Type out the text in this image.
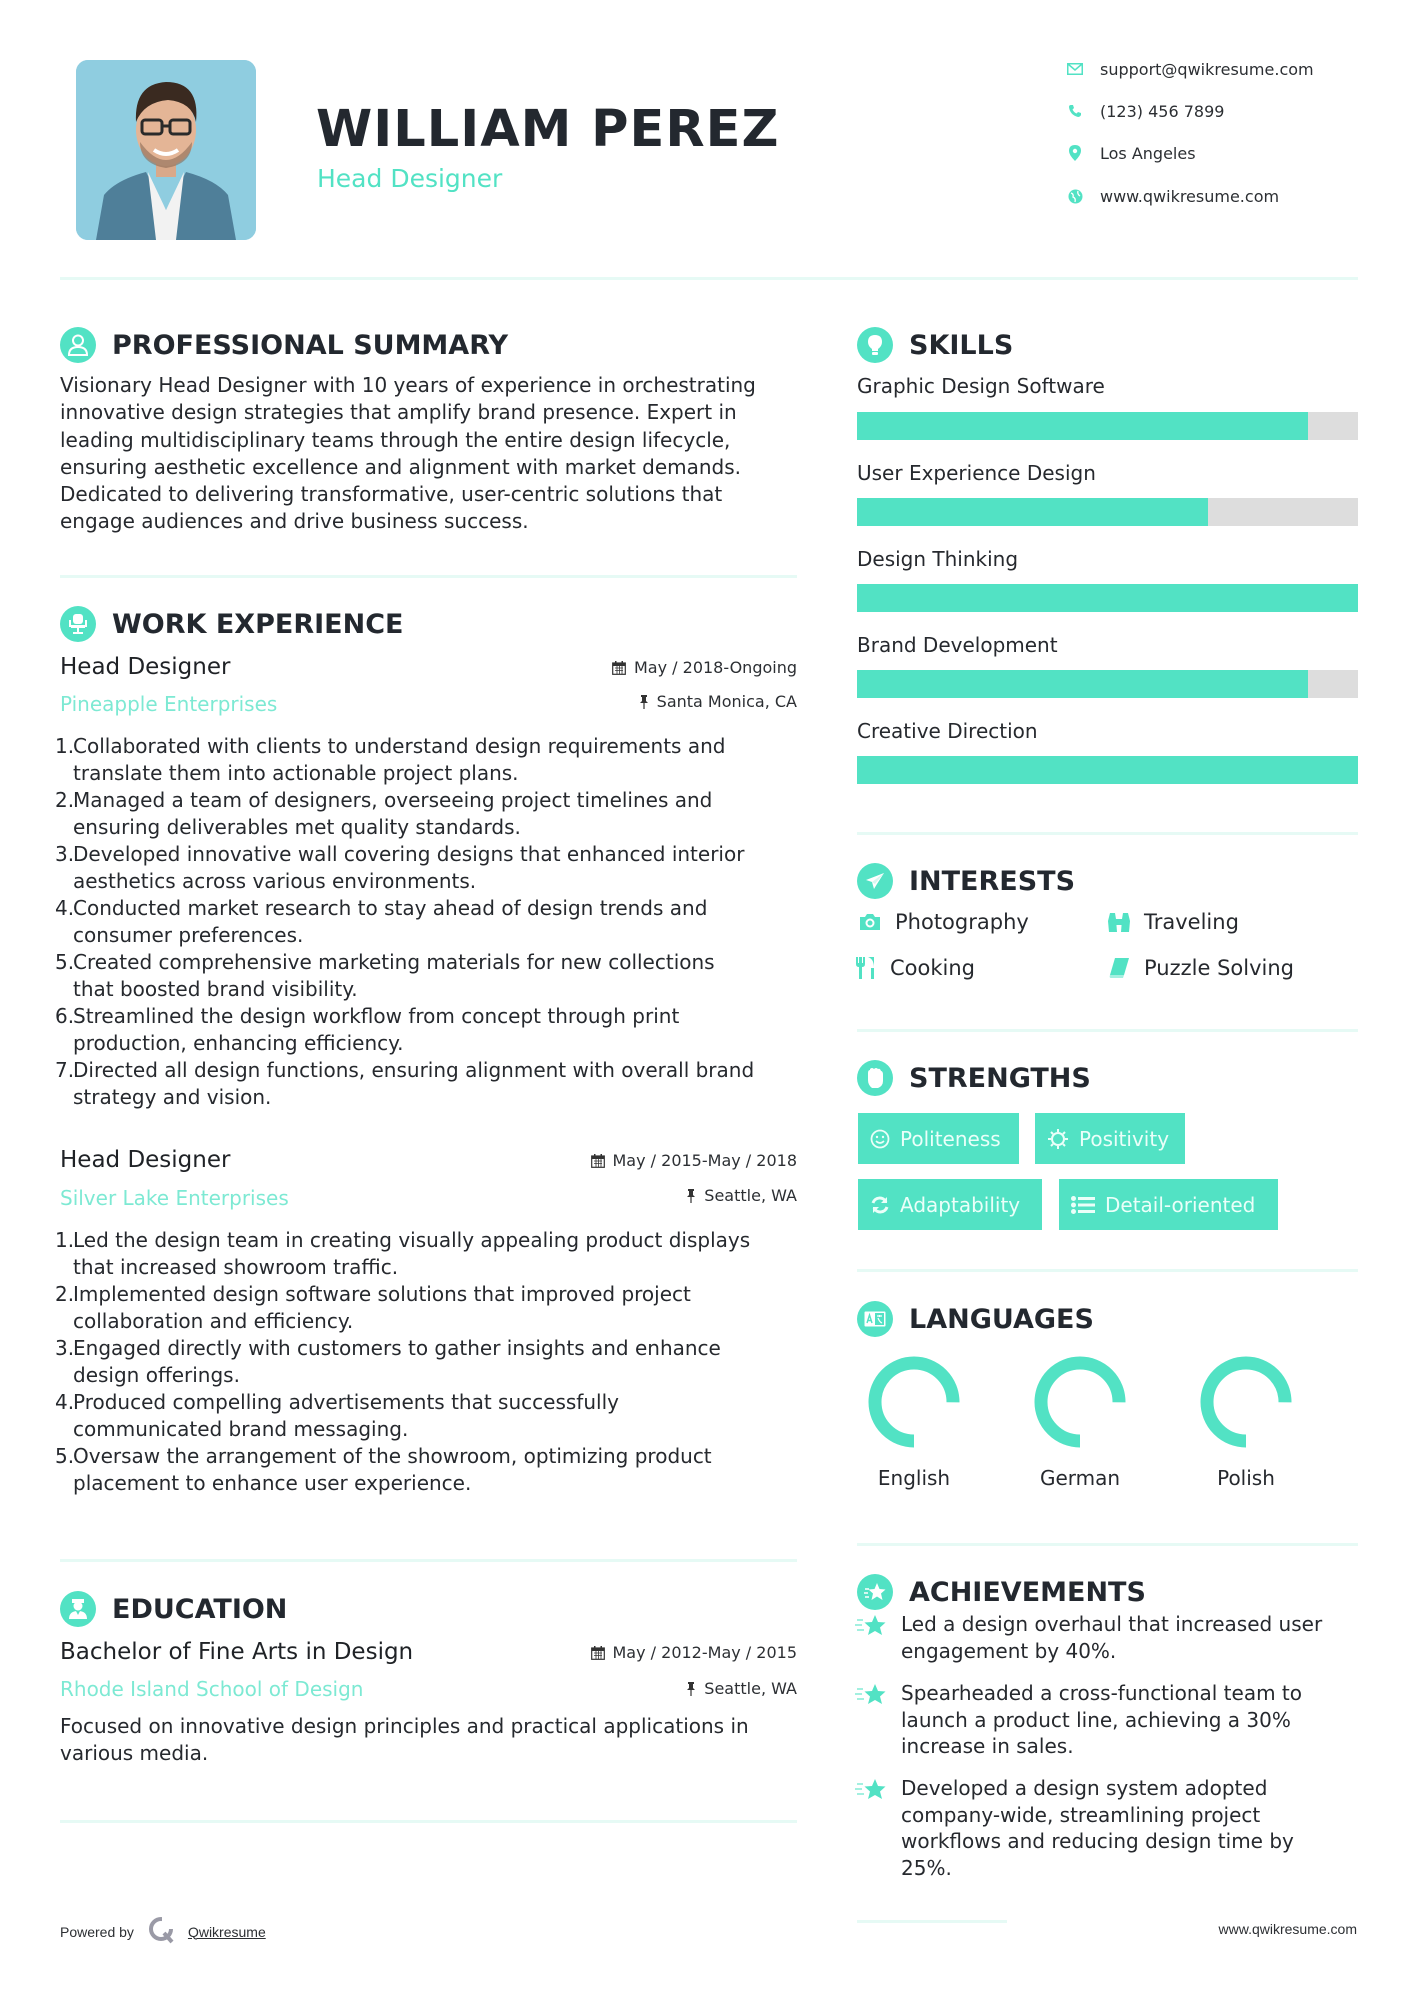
WILLIAM PEREZ
Head Designer
support@qwikresume.com
(123) 456 7899
Los Angeles
www.qwikresume.com
PROFESSIONAL SUMMARY
Visionary Head Designer with 10 years of experience in orchestrating
innovative design strategies that amplify brand presence. Expert in
leading multidisciplinary teams through the entire design lifecycle,
ensuring aesthetic excellence and alignment with market demands.
Dedicated to delivering transformative, user-centric solutions that
engage audiences and drive business success.
WORK EXPERIENCE
Head Designer	May / 2018-Ongoing
Pineapple Enterprises	Santa Monica, CA
1.
Collaborated with clients to understand design requirements and
translate them into actionable project plans.
2.
Managed a team of designers, overseeing project timelines and
ensuring deliverables met quality standards.
3.
Developed innovative wall covering designs that enhanced interior
aesthetics across various environments.
4.
Conducted market research to stay ahead of design trends and
consumer preferences.
5.
Created comprehensive marketing materials for new collections
that boosted brand visibility.
6.
Streamlined the design workflow from concept through print
production, enhancing efficiency.
7.
Directed all design functions, ensuring alignment with overall brand
strategy and vision.
Head Designer	May / 2015-May / 2018
Silver Lake Enterprises	Seattle, WA
1.
Led the design team in creating visually appealing product displays
that increased showroom traffic.
2.
Implemented design software solutions that improved project
collaboration and efficiency.
3.
Engaged directly with customers to gather insights and enhance
design offerings.
4.
Produced compelling advertisements that successfully
communicated brand messaging.
5.
Oversaw the arrangement of the showroom, optimizing product
placement to enhance user experience.
EDUCATION
Bachelor of Fine Arts in Design	May / 2012-May / 2015
Rhode Island School of Design	Seattle, WA
Focused on innovative design principles and practical applications in
various media.
Powered by	Qwikresume
SKILLS
Graphic Design Software
User Experience Design
Design Thinking
Brand Development
Creative Direction
INTERESTS
Photography	Traveling
Cooking	Puzzle Solving
STRENGTHS
Politeness	Positivity
Adaptability	Detail-oriented
LANGUAGES
English	German	Polish
ACHIEVEMENTS
Led a design overhaul that increased user
engagement by 40%.
Spearheaded a cross-functional team to
launch a product line, achieving a 30%
increase in sales.
Developed a design system adopted
company-wide, streamlining project
workflows and reducing design time by
25%.
www.qwikresume.com
